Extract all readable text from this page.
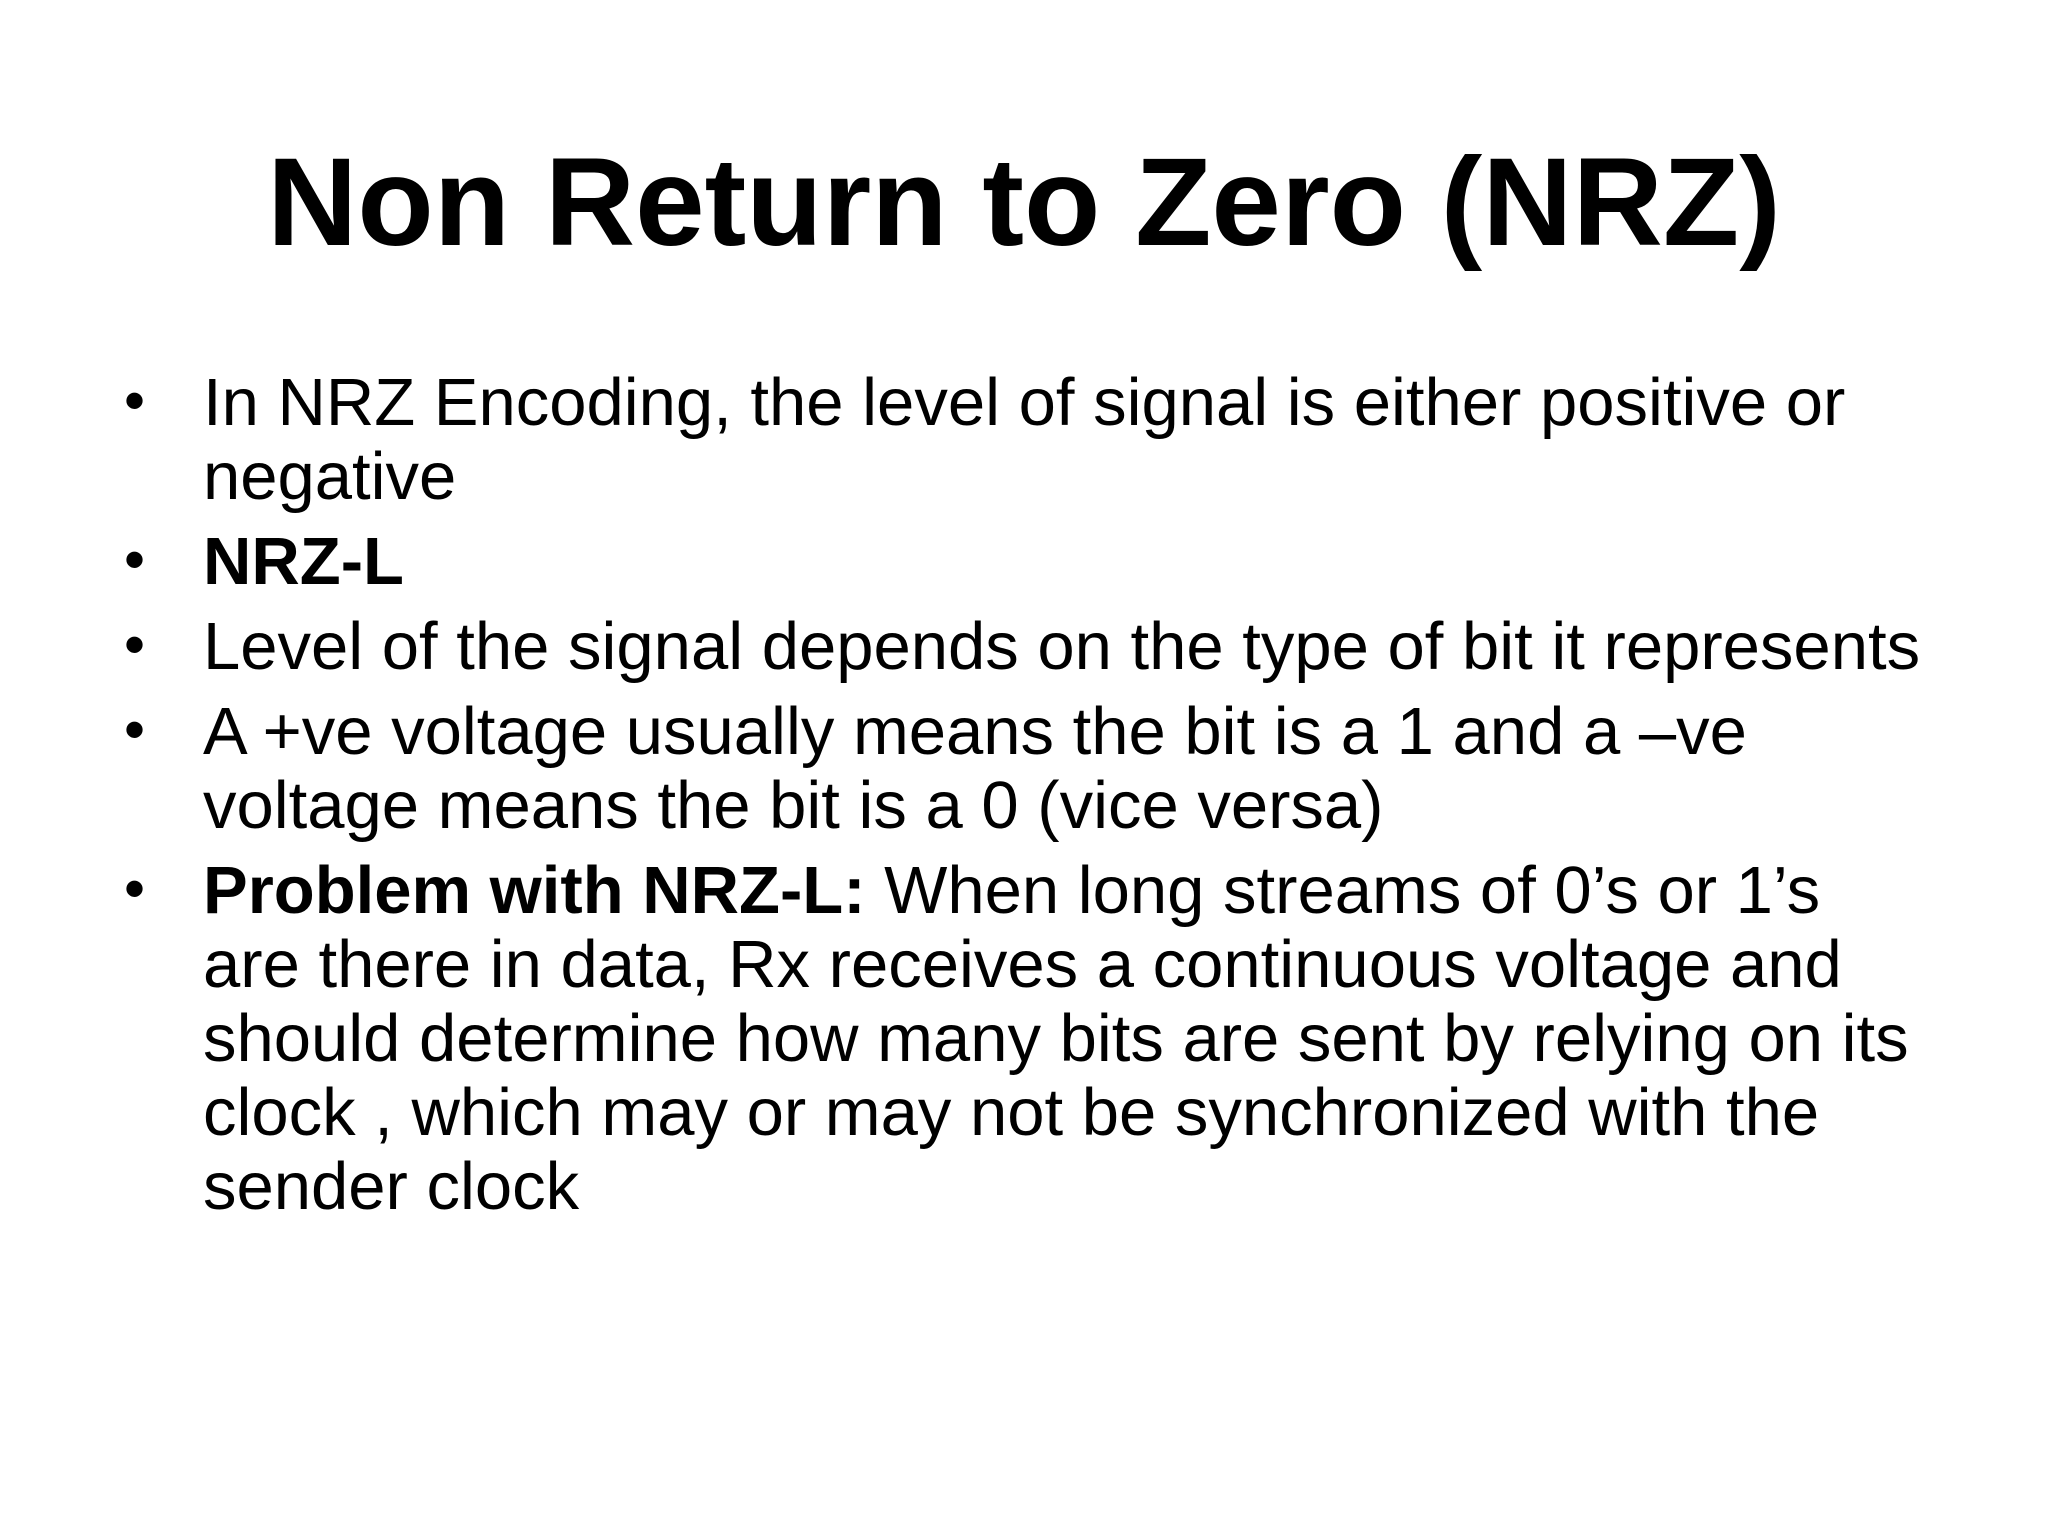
Non Return to Zero (NRZ)
• In NRZ Encoding, the level of signal is either positive or negative
• NRZ-L
• Level of the signal depends on the type of bit it represents
• A +ve voltage usually means the bit is a 1 and a –ve voltage means the bit is a 0 (vice versa)
• Problem with NRZ-L: When long streams of 0’s or 1’s are there in data, Rx receives a continuous voltage and should determine how many bits are sent by relying on its clock , which may or may not be synchronized with the sender clock
